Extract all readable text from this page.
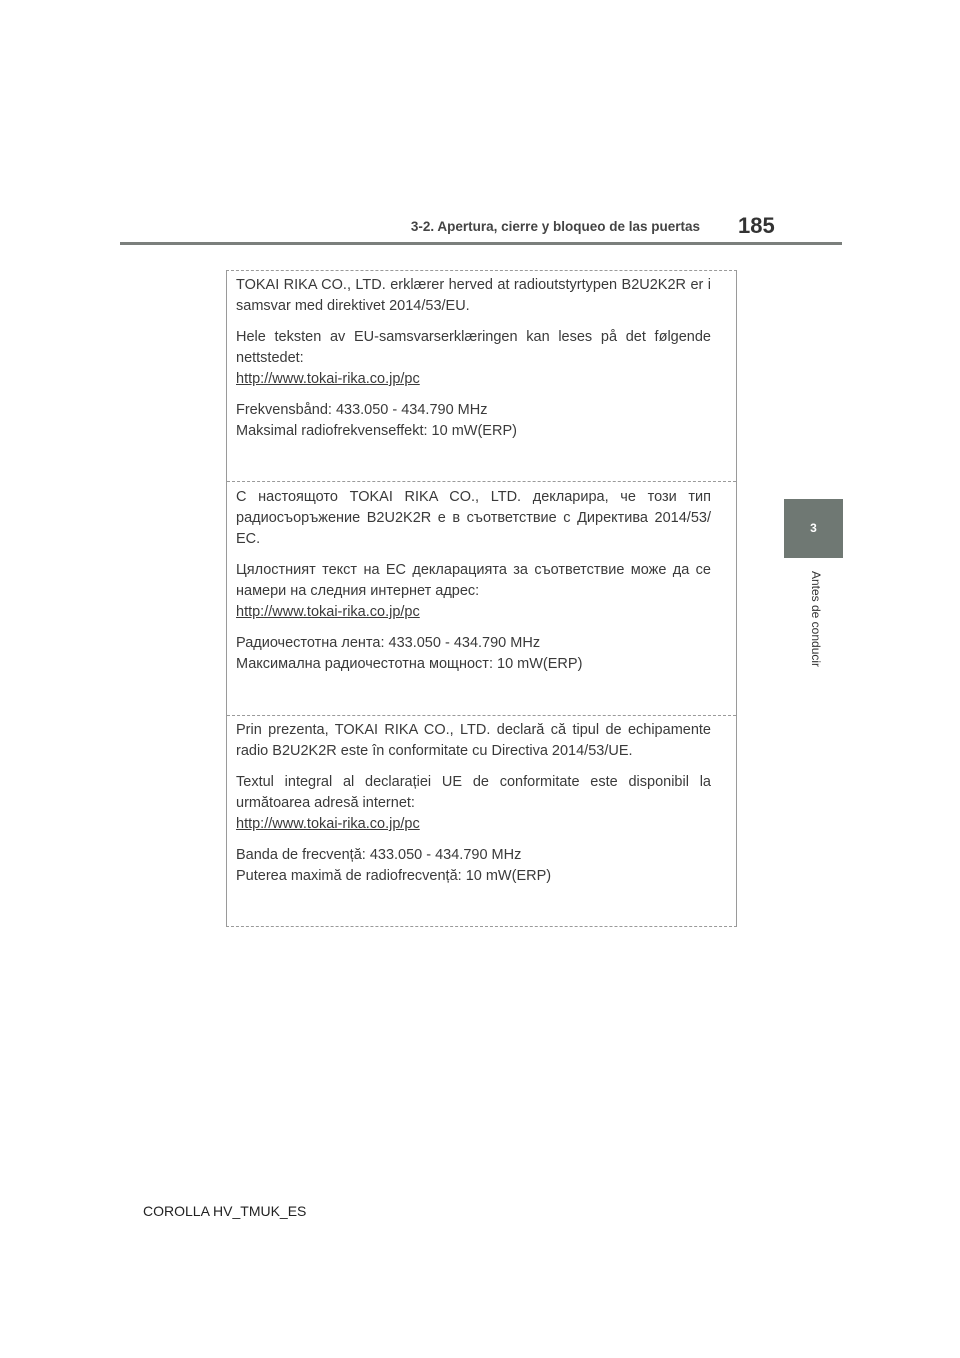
3-2. Apertura, cierre y bloqueo de las puertas 185
3
Antes de conducir

TOKAI RIKA CO., LTD. erklærer herved at radioutstyrtypen B2U2K2R er i samsvar med direktivet 2014/53/EU.

Hele teksten av EU-samsvarserklæringen kan leses på det følgende nettstedet:
http://www.tokai-rika.co.jp/pc

Frekvensbånd: 433.050 - 434.790 MHz
Maksimal radiofrekvenseffekt: 10 mW(ERP)

С настоящото TOKAI RIKA CO., LTD. декларира, че този тип радиосъоръжение B2U2K2R е в съответствие с Директива 2014/53/ЕС.

Цялостният текст на ЕС декларацията за съответствие може да се намери на следния интернет адрес:
http://www.tokai-rika.co.jp/pc

Радиочестотна лента: 433.050 - 434.790 MHz
Максимална радиочестотна мощност: 10 mW(ERP)

Prin prezenta, TOKAI RIKA CO., LTD. declară că tipul de echipamente radio B2U2K2R este în conformitate cu Directiva 2014/53/UE.

Textul integral al declarației UE de conformitate este disponibil la următoarea adresă internet:
http://www.tokai-rika.co.jp/pc

Banda de frecvență: 433.050 - 434.790 MHz
Puterea maximă de radiofrecvență: 10 mW(ERP)

COROLLA HV_TMUK_ES
